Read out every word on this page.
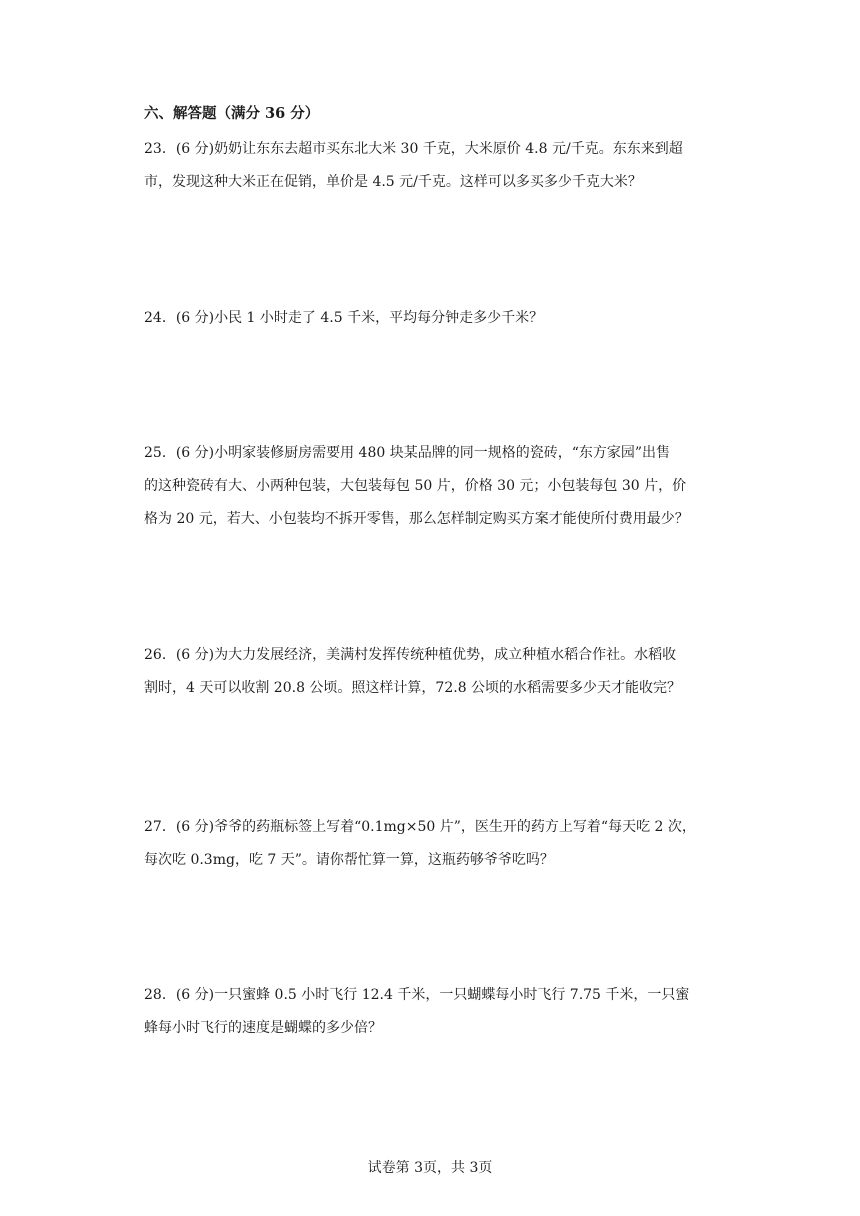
六、解答题（满分 36 分）

23．(6 分)奶奶让东东去超市买东北大米 30 千克，大米原价 4.8 元/千克。东东来到超

市，发现这种大米正在促销，单价是 4.5 元/千克。这样可以多买多少千克大米？

24．(6 分)小民 1 小时走了 4.5 千米，平均每分钟走多少千米？

25．(6 分)小明家装修厨房需要用 480 块某品牌的同一规格的瓷砖，“东方家园”出售

的这种瓷砖有大、小两种包装，大包装每包 50 片，价格 30 元；小包装每包 30 片，价

格为 20 元，若大、小包装均不拆开零售，那么怎样制定购买方案才能使所付费用最少？

26．(6 分)为大力发展经济，美满村发挥传统种植优势，成立种植水稻合作社。水稻收

割时，4 天可以收割 20.8 公顷。照这样计算，72.8 公顷的水稻需要多少天才能收完？

27．(6 分)爷爷的药瓶标签上写着“0.1mg×50 片”，医生开的药方上写着“每天吃 2 次，

每次吃 0.3mg，吃 7 天”。请你帮忙算一算，这瓶药够爷爷吃吗？

28．(6 分)一只蜜蜂 0.5 小时飞行 12.4 千米，一只蝴蝶每小时飞行 7.75 千米，一只蜜

蜂每小时飞行的速度是蝴蝶的多少倍？

试卷第 3页，共 3页
